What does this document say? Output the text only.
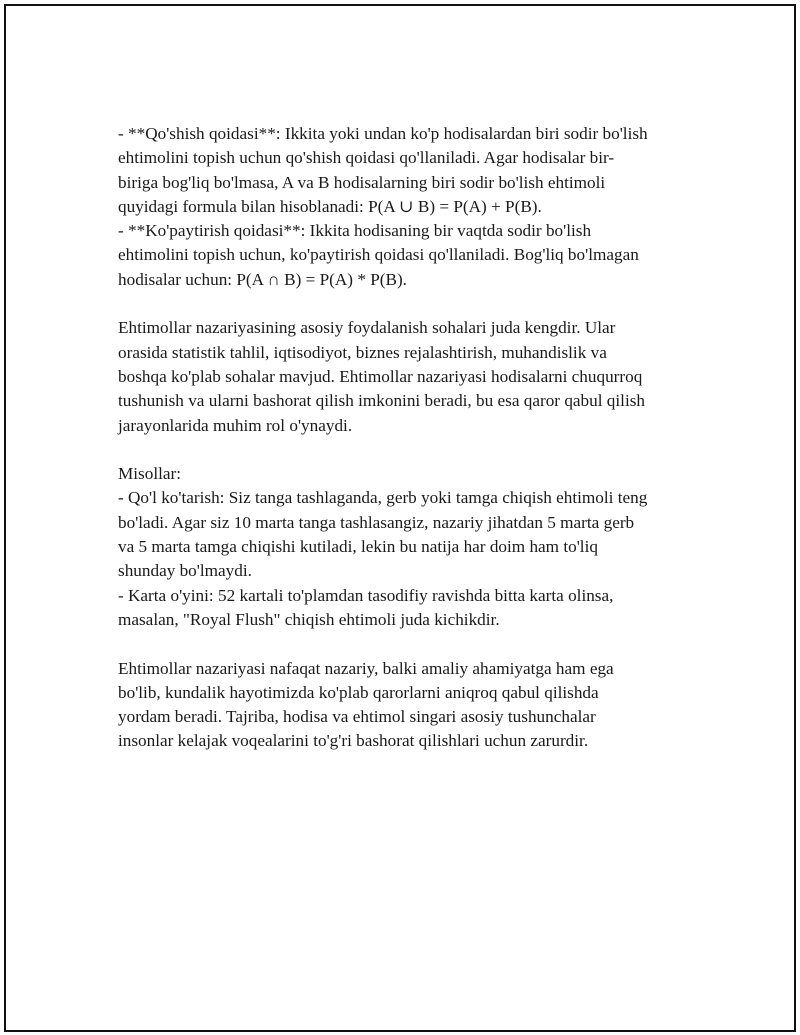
- **Qo'shish qoidasi**: Ikkita yoki undan ko'p hodisalardan biri sodir bo'lish
ehtimolini topish uchun qo'shish qoidasi qo'llaniladi. Agar hodisalar bir-
biriga bog'liq bo'lmasa, A va B hodisalarning biri sodir bo'lish ehtimoli
quyidagi formula bilan hisoblanadi: P(A ∪ B) = P(A) + P(B).
- **Ko'paytirish qoidasi**: Ikkita hodisaning bir vaqtda sodir bo'lish
ehtimolini topish uchun, ko'paytirish qoidasi qo'llaniladi. Bog'liq bo'lmagan
hodisalar uchun: P(A ∩ B) = P(A) * P(B).

Ehtimollar nazariyasining asosiy foydalanish sohalari juda kengdir. Ular
orasida statistik tahlil, iqtisodiyot, biznes rejalashtirish, muhandislik va
boshqa ko'plab sohalar mavjud. Ehtimollar nazariyasi hodisalarni chuqurroq
tushunish va ularni bashorat qilish imkonini beradi, bu esa qaror qabul qilish
jarayonlarida muhim rol o'ynaydi.

Misollar:
- Qo'l ko'tarish: Siz tanga tashlaganda, gerb yoki tamga chiqish ehtimoli teng
bo'ladi. Agar siz 10 marta tanga tashlasangiz, nazariy jihatdan 5 marta gerb
va 5 marta tamga chiqishi kutiladi, lekin bu natija har doim ham to'liq
shunday bo'lmaydi.
- Karta o'yini: 52 kartali to'plamdan tasodifiy ravishda bitta karta olinsa,
masalan, "Royal Flush" chiqish ehtimoli juda kichikdir.

Ehtimollar nazariyasi nafaqat nazariy, balki amaliy ahamiyatga ham ega
bo'lib, kundalik hayotimizda ko'plab qarorlarni aniqroq qabul qilishda
yordam beradi. Tajriba, hodisa va ehtimol singari asosiy tushunchalar
insonlar kelajak voqealarini to'g'ri bashorat qilishlari uchun zarurdir.
